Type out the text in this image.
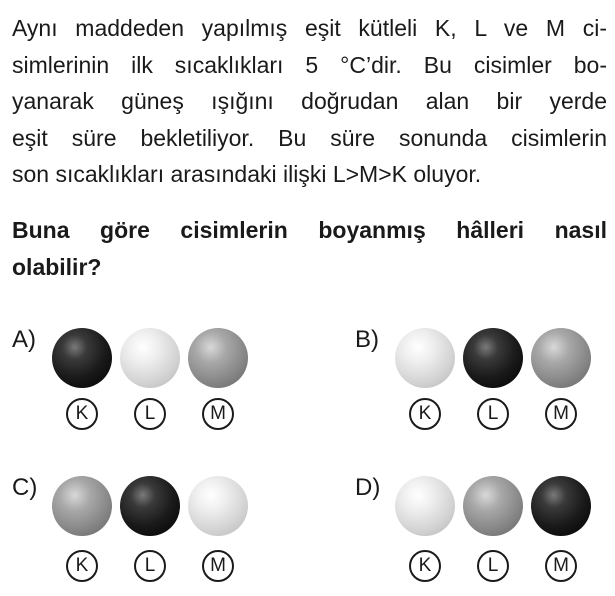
Aynı maddeden yapılmış eşit kütleli K, L ve M ci-
simlerinin ilk sıcaklıkları 5 °C’dir. Bu cisimler bo-
yanarak güneş ışığını doğrudan alan bir yerde
eşit süre bekletiliyor. Bu süre sonunda cisimlerin
son sıcaklıkları arasındaki ilişki L>M>K oluyor.
Buna göre cisimlerin boyanmış hâlleri nasıl
olabilir?
A)
K	L	M
B)
K	L	M
C)
K	L	M
D)
K	L	M
